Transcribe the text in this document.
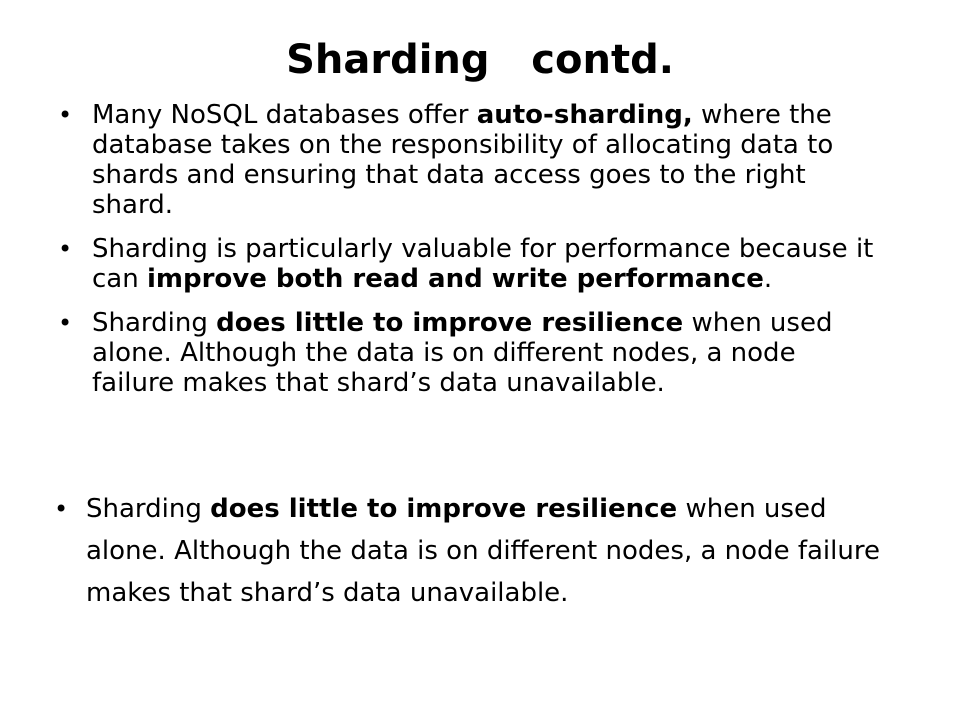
Sharding   contd.
• Many NoSQL databases offer auto-sharding, where the database takes on the responsibility of allocating data to shards and ensuring that data access goes to the right shard.
• Sharding is particularly valuable for performance because it can improve both read and write performance.
• Sharding does little to improve resilience when used alone. Although the data is on different nodes, a node failure makes that shard’s data unavailable.
• Sharding does little to improve resilience when used alone. Although the data is on different nodes, a node failure makes that shard’s data unavailable.
